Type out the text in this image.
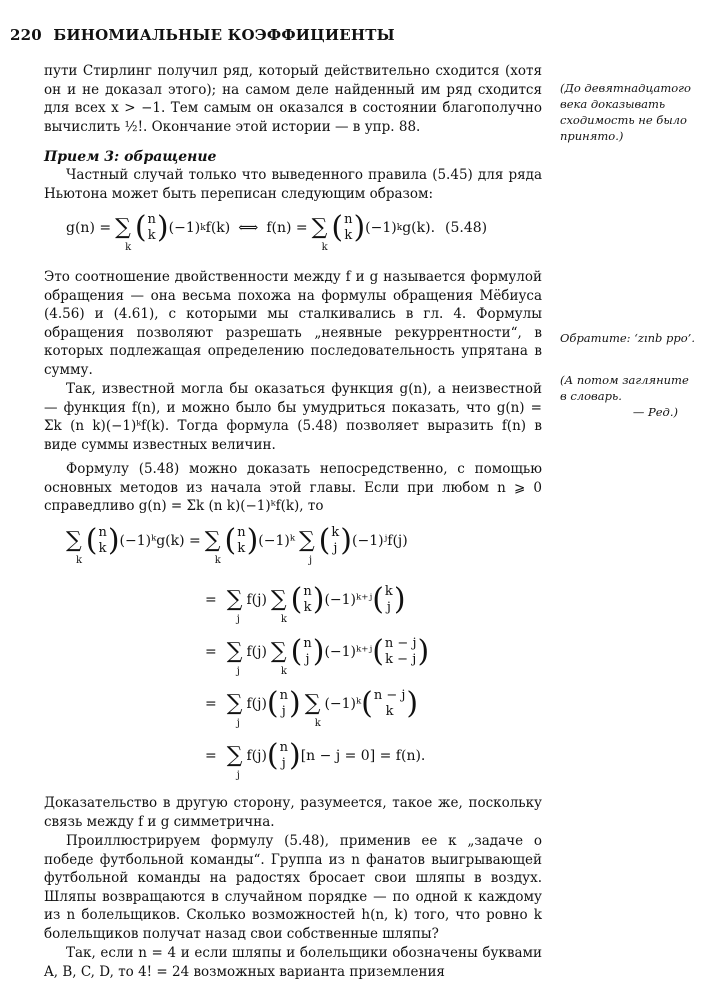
220 БИНОМИАЛЬНЫЕ КОЭФФИЦИЕНТЫ

пути Стирлинг получил ряд, который действительно сходится (хотя он и не доказал этого); на самом деле найденный им ряд сходится для всех x > −1. Тем самым он оказался в состоянии благополучно вычислить ½!. Окончание этой истории — в упр. 88.

(До девятнадцатого века доказывать сходимость не было принято.)

Прием 3: обращение

Частный случай только что выведенного правила (5.45) для ряда Ньютона может быть переписан следующим образом:

g(n) = ∑
k
( n
k ) (−1) k f(k) ⟺ f(n) = ∑
k
( n
k ) (−1) k g(k). (5.48)

Это соотношение двойственности между f и g называется формулой обращения — она весьма похожа на формулы обращения Мёбиуса (4.56) и (4.61), с которыми мы сталкивались в гл. 4. Формулы обращения позволяют разрешать „неявные рекуррентности“, в которых подлежащая определению последовательность упрятана в сумму.

Обратите: ‘zınb ppo’.
(А потом загляните в словарь.
— Ред.)

Так, известной могла бы оказаться функция g(n), а неизвестной — функция f(n), и можно было бы умудриться показать, что g(n) = Σk (n k)(−1)ᵏf(k). Тогда формула (5.48) позволяет выразить f(n) в виде суммы известных величин.

Формулу (5.48) можно доказать непосредственно, с помощью основных методов из начала этой главы. Если при любом n ⩾ 0 справедливо g(n) = Σk (n k)(−1)ᵏf(k), то

∑
k
( n
k ) (−1)ᵏg(k) = ∑
k
( n
k ) (−1)ᵏ ∑
j
( k
j ) (−1)ʲf(j)
= ∑
j
f(j) ∑
k
( n
k ) (−1)ᵏ⁺ʲ ( k
j )
= ∑
j
f(j) ∑
k
( n
j ) (−1)ᵏ⁺ʲ ( n − j
k − j )
= ∑
j
f(j) ( n
j ) ∑
k
(−1)ᵏ ( n − j
k )
= ∑
j
f(j) ( n
j ) [n − j = 0] = f(n).

Доказательство в другую сторону, разумеется, такое же, поскольку связь между f и g симметрична.

Проиллюстрируем формулу (5.48), применив ее к „задаче о победе футбольной команды“. Группа из n фанатов выигрывающей футбольной команды на радостях бросает свои шляпы в воздух. Шляпы возвращаются в случайном порядке — по одной к каждому из n болельщиков. Сколько возможностей h(n, k) того, что ровно k болельщиков получат назад свои собственные шляпы?

Так, если n = 4 и если шляпы и болельщики обозначены буквами A, B, C, D, то 4! = 24 возможных варианта приземления
